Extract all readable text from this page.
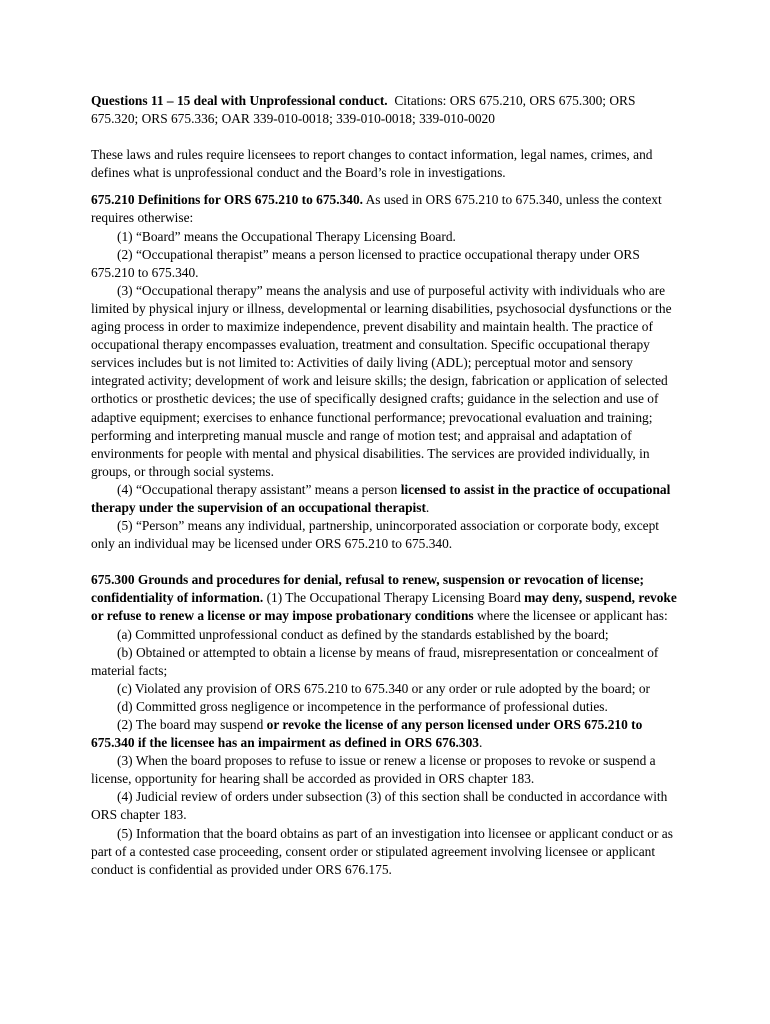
Questions 11 – 15 deal with Unprofessional conduct. Citations: ORS 675.210, ORS 675.300; ORS 675.320; ORS 675.336; OAR 339-010-0018; 339-010-0018; 339-010-0020

These laws and rules require licensees to report changes to contact information, legal names, crimes, and defines what is unprofessional conduct and the Board’s role in investigations.

675.210 Definitions for ORS 675.210 to 675.340. As used in ORS 675.210 to 675.340, unless the context requires otherwise:

(1) “Board” means the Occupational Therapy Licensing Board.

(2) “Occupational therapist” means a person licensed to practice occupational therapy under ORS 675.210 to 675.340.

(3) “Occupational therapy” means the analysis and use of purposeful activity with individuals who are limited by physical injury or illness, developmental or learning disabilities, psychosocial dysfunctions or the aging process in order to maximize independence, prevent disability and maintain health. The practice of occupational therapy encompasses evaluation, treatment and consultation. Specific occupational therapy services includes but is not limited to: Activities of daily living (ADL); perceptual motor and sensory integrated activity; development of work and leisure skills; the design, fabrication or application of selected orthotics or prosthetic devices; the use of specifically designed crafts; guidance in the selection and use of adaptive equipment; exercises to enhance functional performance; prevocational evaluation and training; performing and interpreting manual muscle and range of motion test; and appraisal and adaptation of environments for people with mental and physical disabilities. The services are provided individually, in groups, or through social systems.

(4) “Occupational therapy assistant” means a person licensed to assist in the practice of occupational therapy under the supervision of an occupational therapist.

(5) “Person” means any individual, partnership, unincorporated association or corporate body, except only an individual may be licensed under ORS 675.210 to 675.340.

675.300 Grounds and procedures for denial, refusal to renew, suspension or revocation of license; confidentiality of information. (1) The Occupational Therapy Licensing Board may deny, suspend, revoke or refuse to renew a license or may impose probationary conditions where the licensee or applicant has:

(a) Committed unprofessional conduct as defined by the standards established by the board;

(b) Obtained or attempted to obtain a license by means of fraud, misrepresentation or concealment of material facts;

(c) Violated any provision of ORS 675.210 to 675.340 or any order or rule adopted by the board; or

(d) Committed gross negligence or incompetence in the performance of professional duties.

(2) The board may suspend or revoke the license of any person licensed under ORS 675.210 to 675.340 if the licensee has an impairment as defined in ORS 676.303.

(3) When the board proposes to refuse to issue or renew a license or proposes to revoke or suspend a license, opportunity for hearing shall be accorded as provided in ORS chapter 183.

(4) Judicial review of orders under subsection (3) of this section shall be conducted in accordance with ORS chapter 183.

(5) Information that the board obtains as part of an investigation into licensee or applicant conduct or as part of a contested case proceeding, consent order or stipulated agreement involving licensee or applicant conduct is confidential as provided under ORS 676.175.
